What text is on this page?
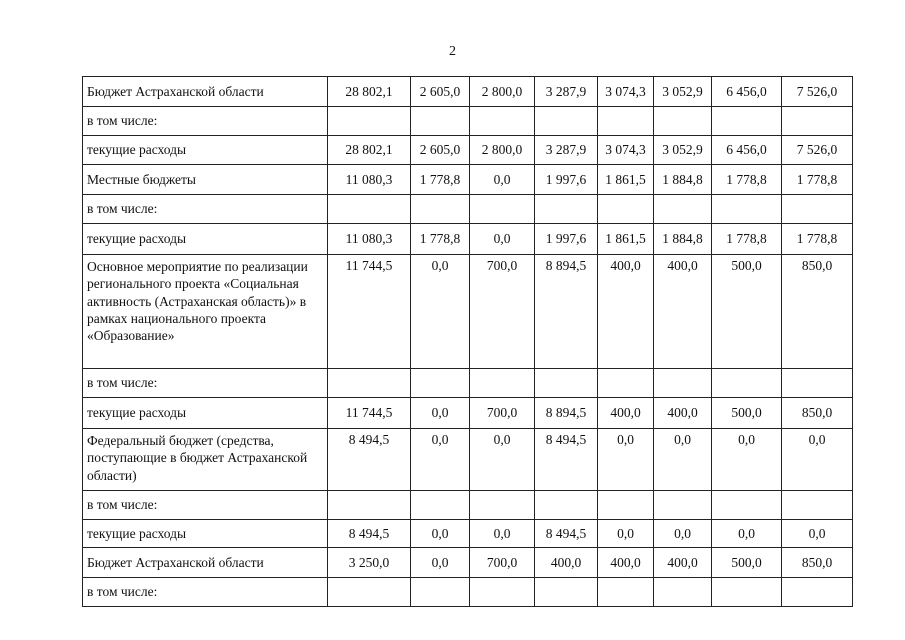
2
Бюджет Астраханской области	28 802,1	2 605,0	2 800,0	3 287,9	3 074,3	3 052,9	6 456,0	7 526,0
в том числе:								
текущие расходы	28 802,1	2 605,0	2 800,0	3 287,9	3 074,3	3 052,9	6 456,0	7 526,0
Местные бюджеты	11 080,3	1 778,8	0,0	1 997,6	1 861,5	1 884,8	1 778,8	1 778,8
в том числе:								
текущие расходы	11 080,3	1 778,8	0,0	1 997,6	1 861,5	1 884,8	1 778,8	1 778,8
Основное мероприятие по реализации регионального проекта «Социальная активность (Астраханская область)» в рамках национального проекта «Образование»	11 744,5	0,0	700,0	8 894,5	400,0	400,0	500,0	850,0
в том числе:								
текущие расходы	11 744,5	0,0	700,0	8 894,5	400,0	400,0	500,0	850,0
Федеральный бюджет (средства, поступающие в бюджет Астраханской области)	8 494,5	0,0	0,0	8 494,5	0,0	0,0	0,0	0,0
в том числе:								
текущие расходы	8 494,5	0,0	0,0	8 494,5	0,0	0,0	0,0	0,0
Бюджет Астраханской области	3 250,0	0,0	700,0	400,0	400,0	400,0	500,0	850,0
в том числе:								
